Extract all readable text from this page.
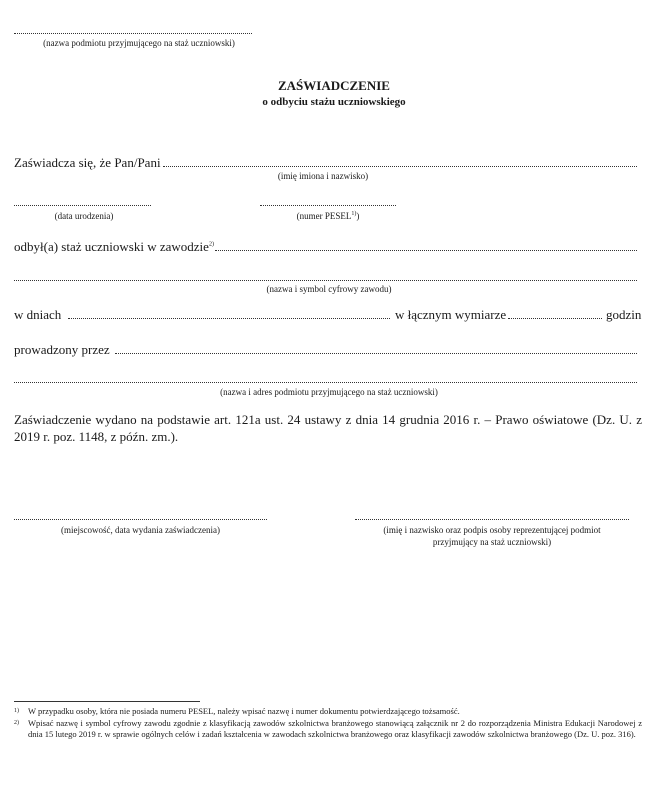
(nazwa podmiotu przyjmującego na staż uczniowski)
ZAŚWIADCZENIE
o odbyciu stażu uczniowskiego
Zaświadcza się, że Pan/Pani
(imię imiona i nazwisko)
(data urodzenia)	(numer PESEL$^{1)}$)
odbył(a) staż uczniowski w zawodzie$^{2)}$
(nazwa i symbol cyfrowy zawodu)
w dniach	w łącznym wymiarze	godzin
prowadzony przez
(nazwa i adres podmiotu przyjmującego na staż uczniowski)
Zaświadczenie wydano na podstawie art. 121a ust. 24 ustawy z dnia 14 grudnia 2016 r. – Prawo oświatowe (Dz. U. z 2019 r. poz. 1148, z późn. zm.).
(miejscowość, data wydania zaświadczenia)	(imię i nazwisko oraz podpis osoby reprezentującej podmiot
przyjmujący na staż uczniowski)
1) W przypadku osoby, która nie posiada numeru PESEL, należy wpisać nazwę i numer dokumentu potwierdzającego tożsamość.
2) Wpisać nazwę i symbol cyfrowy zawodu zgodnie z klasyfikacją zawodów szkolnictwa branżowego stanowiącą załącznik nr 2 do rozporządzenia Ministra Edukacji Narodowej z dnia 15 lutego 2019 r. w sprawie ogólnych celów i zadań kształcenia w zawodach szkolnictwa branżowego oraz klasyfikacji zawodów szkolnictwa branżowego (Dz. U. poz. 316).
